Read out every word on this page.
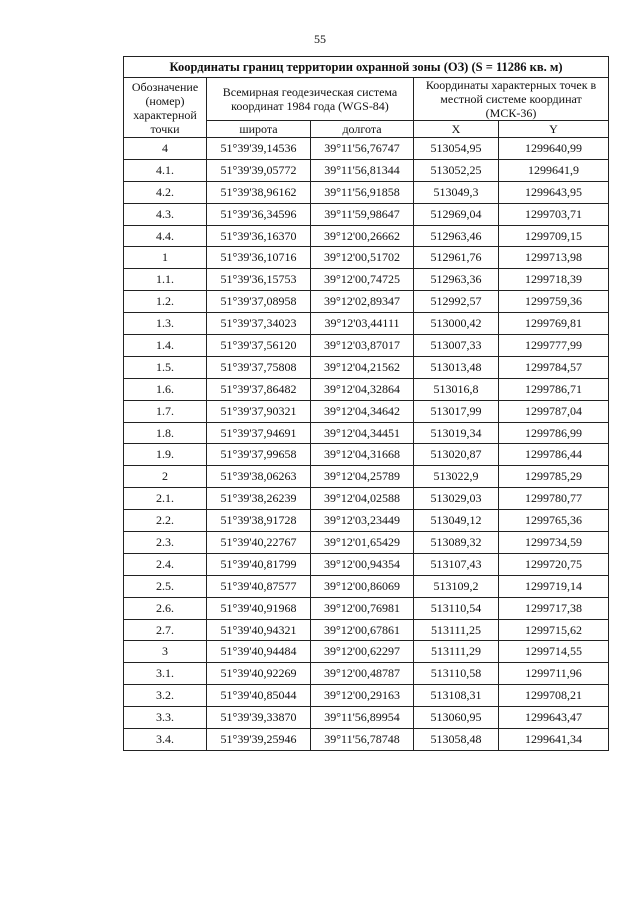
55
Координаты границ территории охранной зоны (ОЗ) (S = 11286 кв. м)				
Обозначение (номер) характерной точки	Всемирная геодезическая система координат 1984 года (WGS-84)		Координаты характерных точек в местной системе координат (МСК-36)	
	широта	долгота	X	Y
4	51°39'39,14536	39°11'56,76747	513054,95	1299640,99
4.1.	51°39'39,05772	39°11'56,81344	513052,25	1299641,9
4.2.	51°39'38,96162	39°11'56,91858	513049,3	1299643,95
4.3.	51°39'36,34596	39°11'59,98647	512969,04	1299703,71
4.4.	51°39'36,16370	39°12'00,26662	512963,46	1299709,15
1	51°39'36,10716	39°12'00,51702	512961,76	1299713,98
1.1.	51°39'36,15753	39°12'00,74725	512963,36	1299718,39
1.2.	51°39'37,08958	39°12'02,89347	512992,57	1299759,36
1.3.	51°39'37,34023	39°12'03,44111	513000,42	1299769,81
1.4.	51°39'37,56120	39°12'03,87017	513007,33	1299777,99
1.5.	51°39'37,75808	39°12'04,21562	513013,48	1299784,57
1.6.	51°39'37,86482	39°12'04,32864	513016,8	1299786,71
1.7.	51°39'37,90321	39°12'04,34642	513017,99	1299787,04
1.8.	51°39'37,94691	39°12'04,34451	513019,34	1299786,99
1.9.	51°39'37,99658	39°12'04,31668	513020,87	1299786,44
2	51°39'38,06263	39°12'04,25789	513022,9	1299785,29
2.1.	51°39'38,26239	39°12'04,02588	513029,03	1299780,77
2.2.	51°39'38,91728	39°12'03,23449	513049,12	1299765,36
2.3.	51°39'40,22767	39°12'01,65429	513089,32	1299734,59
2.4.	51°39'40,81799	39°12'00,94354	513107,43	1299720,75
2.5.	51°39'40,87577	39°12'00,86069	513109,2	1299719,14
2.6.	51°39'40,91968	39°12'00,76981	513110,54	1299717,38
2.7.	51°39'40,94321	39°12'00,67861	513111,25	1299715,62
3	51°39'40,94484	39°12'00,62297	513111,29	1299714,55
3.1.	51°39'40,92269	39°12'00,48787	513110,58	1299711,96
3.2.	51°39'40,85044	39°12'00,29163	513108,31	1299708,21
3.3.	51°39'39,33870	39°11'56,89954	513060,95	1299643,47
3.4.	51°39'39,25946	39°11'56,78748	513058,48	1299641,34
